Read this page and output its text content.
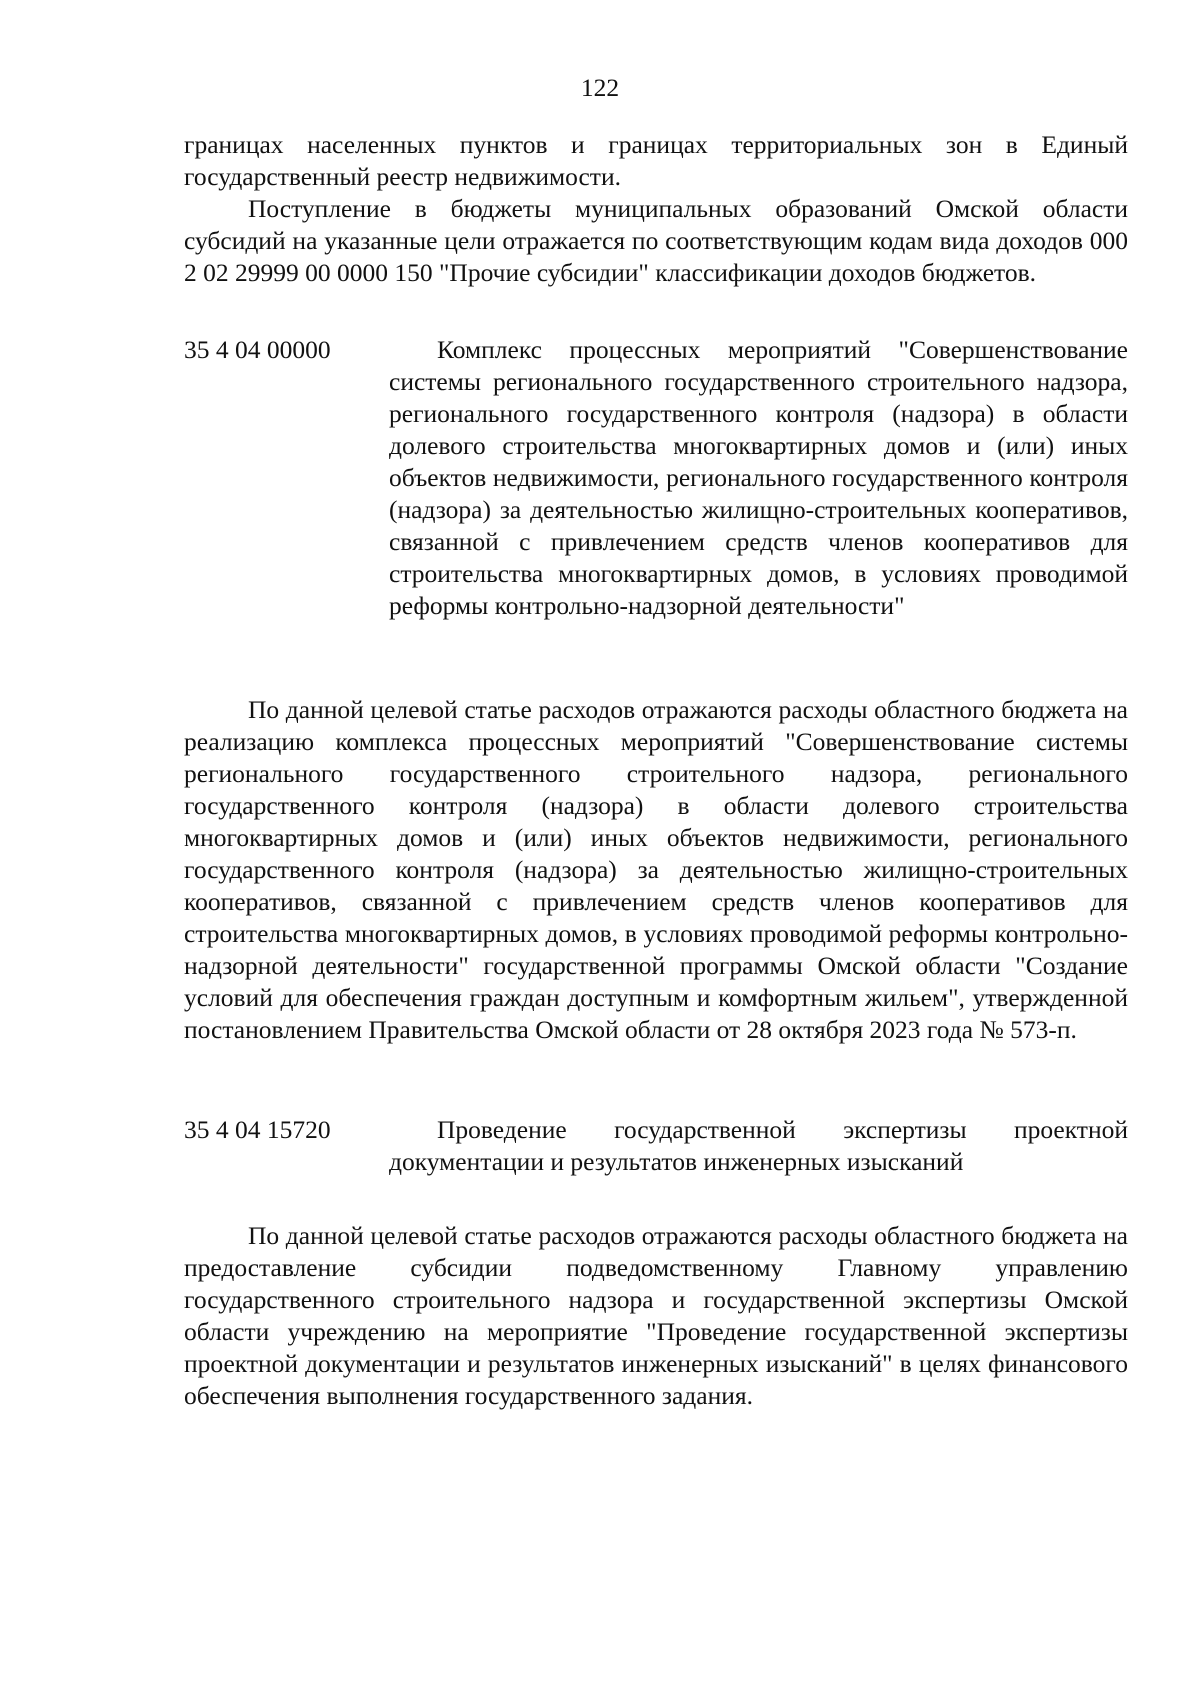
122

границах населенных пунктов и границах территориальных зон в Единый государственный реестр недвижимости.

Поступление в бюджеты муниципальных образований Омской области субсидий на указанные цели отражается по соответствующим кодам вида доходов 000 2 02 29999 00 0000 150 "Прочие субсидии" классификации доходов бюджетов.

35 4 04 00000	Комплекс процессных мероприятий "Совершенствование системы регионального государственного строительного надзора, регионального государственного контроля (надзора) в области долевого строительства многоквартирных домов и (или) иных объектов недвижимости, регионального государственного контроля (надзора) за деятельностью жилищно-строительных кооперативов, связанной с привлечением средств членов кооперативов для строительства многоквартирных домов, в условиях проводимой реформы контрольно-надзорной деятельности"

По данной целевой статье расходов отражаются расходы областного бюджета на реализацию комплекса процессных мероприятий "Совершенствование системы регионального государственного строительного надзора, регионального государственного контроля (надзора) в области долевого строительства многоквартирных домов и (или) иных объектов недвижимости, регионального государственного контроля (надзора) за деятельностью жилищно-строительных кооперативов, связанной с привлечением средств членов кооперативов для строительства многоквартирных домов, в условиях проводимой реформы контрольно-надзорной деятельности" государственной программы Омской области "Создание условий для обеспечения граждан доступным и комфортным жильем", утвержденной постановлением Правительства Омской области от 28 октября 2023 года № 573-п.

35 4 04 15720	Проведение государственной экспертизы проектной документации и результатов инженерных изысканий

По данной целевой статье расходов отражаются расходы областного бюджета на предоставление субсидии подведомственному Главному управлению государственного строительного надзора и государственной экспертизы Омской области учреждению на мероприятие "Проведение государственной экспертизы проектной документации и результатов инженерных изысканий" в целях финансового обеспечения выполнения государственного задания.
